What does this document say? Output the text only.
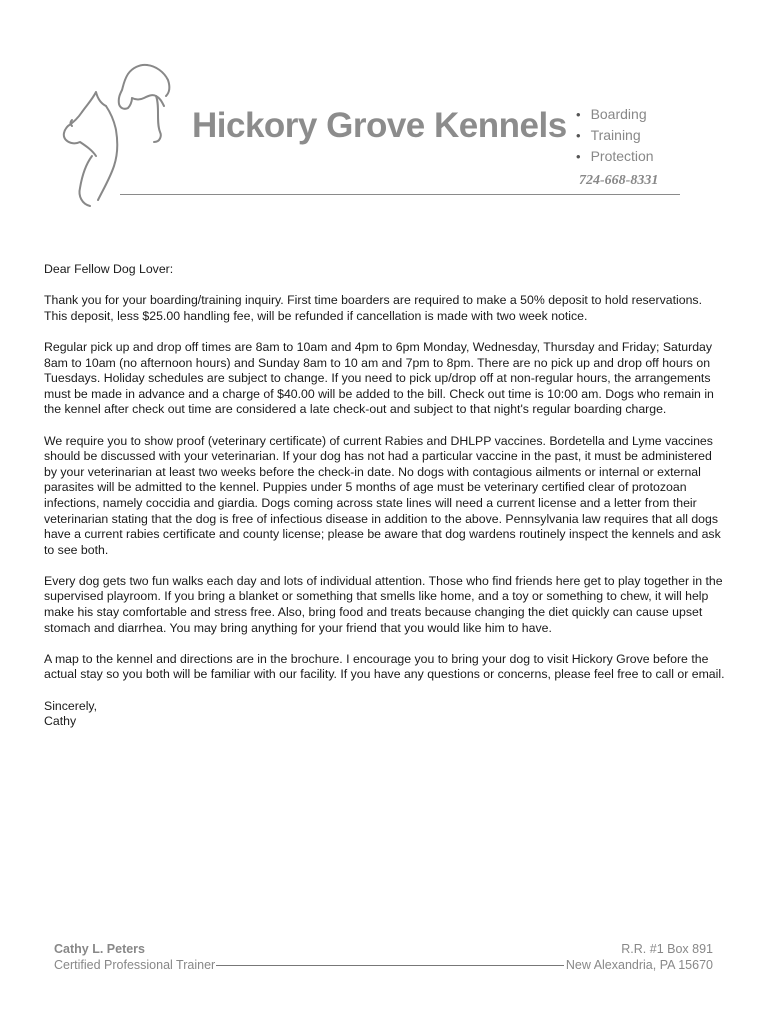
Hickory Grove Kennels
•	Boarding
• Training
• Protection
724-668-8331

Dear Fellow Dog Lover:

Thank you for your boarding/training inquiry. First time boarders are required to make a 50% deposit to hold reservations. This deposit, less $25.00 handling fee, will be refunded if cancellation is made with two week notice.

Regular pick up and drop off times are 8am to 10am and 4pm to 6pm Monday, Wednesday, Thursday and Friday; Saturday 8am to 10am (no afternoon hours) and Sunday 8am to 10 am and 7pm to 8pm. There are no pick up and drop off hours on Tuesdays. Holiday schedules are subject to change. If you need to pick up/drop off at non-regular hours, the arrangements must be made in advance and a charge of $40.00 will be added to the bill. Check out time is 10:00 am. Dogs who remain in the kennel after check out time are considered a late check-out and subject to that night's regular boarding charge.

We require you to show proof (veterinary certificate) of current Rabies and DHLPP vaccines. Bordetella and Lyme vaccines should be discussed with your veterinarian. If your dog has not had a particular vaccine in the past, it must be administered by your veterinarian at least two weeks before the check-in date. No dogs with contagious ailments or internal or external parasites will be admitted to the kennel. Puppies under 5 months of age must be veterinary certified clear of protozoan infections, namely coccidia and giardia. Dogs coming across state lines will need a current license and a letter from their veterinarian stating that the dog is free of infectious disease in addition to the above. Pennsylvania law requires that all dogs have a current rabies certificate and county license; please be aware that dog wardens routinely inspect the kennels and ask to see both.

Every dog gets two fun walks each day and lots of individual attention. Those who find friends here get to play together in the supervised playroom. If you bring a blanket or something that smells like home, and a toy or something to chew, it will help make his stay comfortable and stress free. Also, bring food and treats because changing the diet quickly can cause upset stomach and diarrhea. You may bring anything for your friend that you would like him to have.

A map to the kennel and directions are in the brochure. I encourage you to bring your dog to visit Hickory Grove before the actual stay so you both will be familiar with our facility. If you have any questions or concerns, please feel free to call or email.

Sincerely,
Cathy
Cathy L. Peters
Certified Professional Trainer
R.R. #1 Box 891
New Alexandria, PA 15670
